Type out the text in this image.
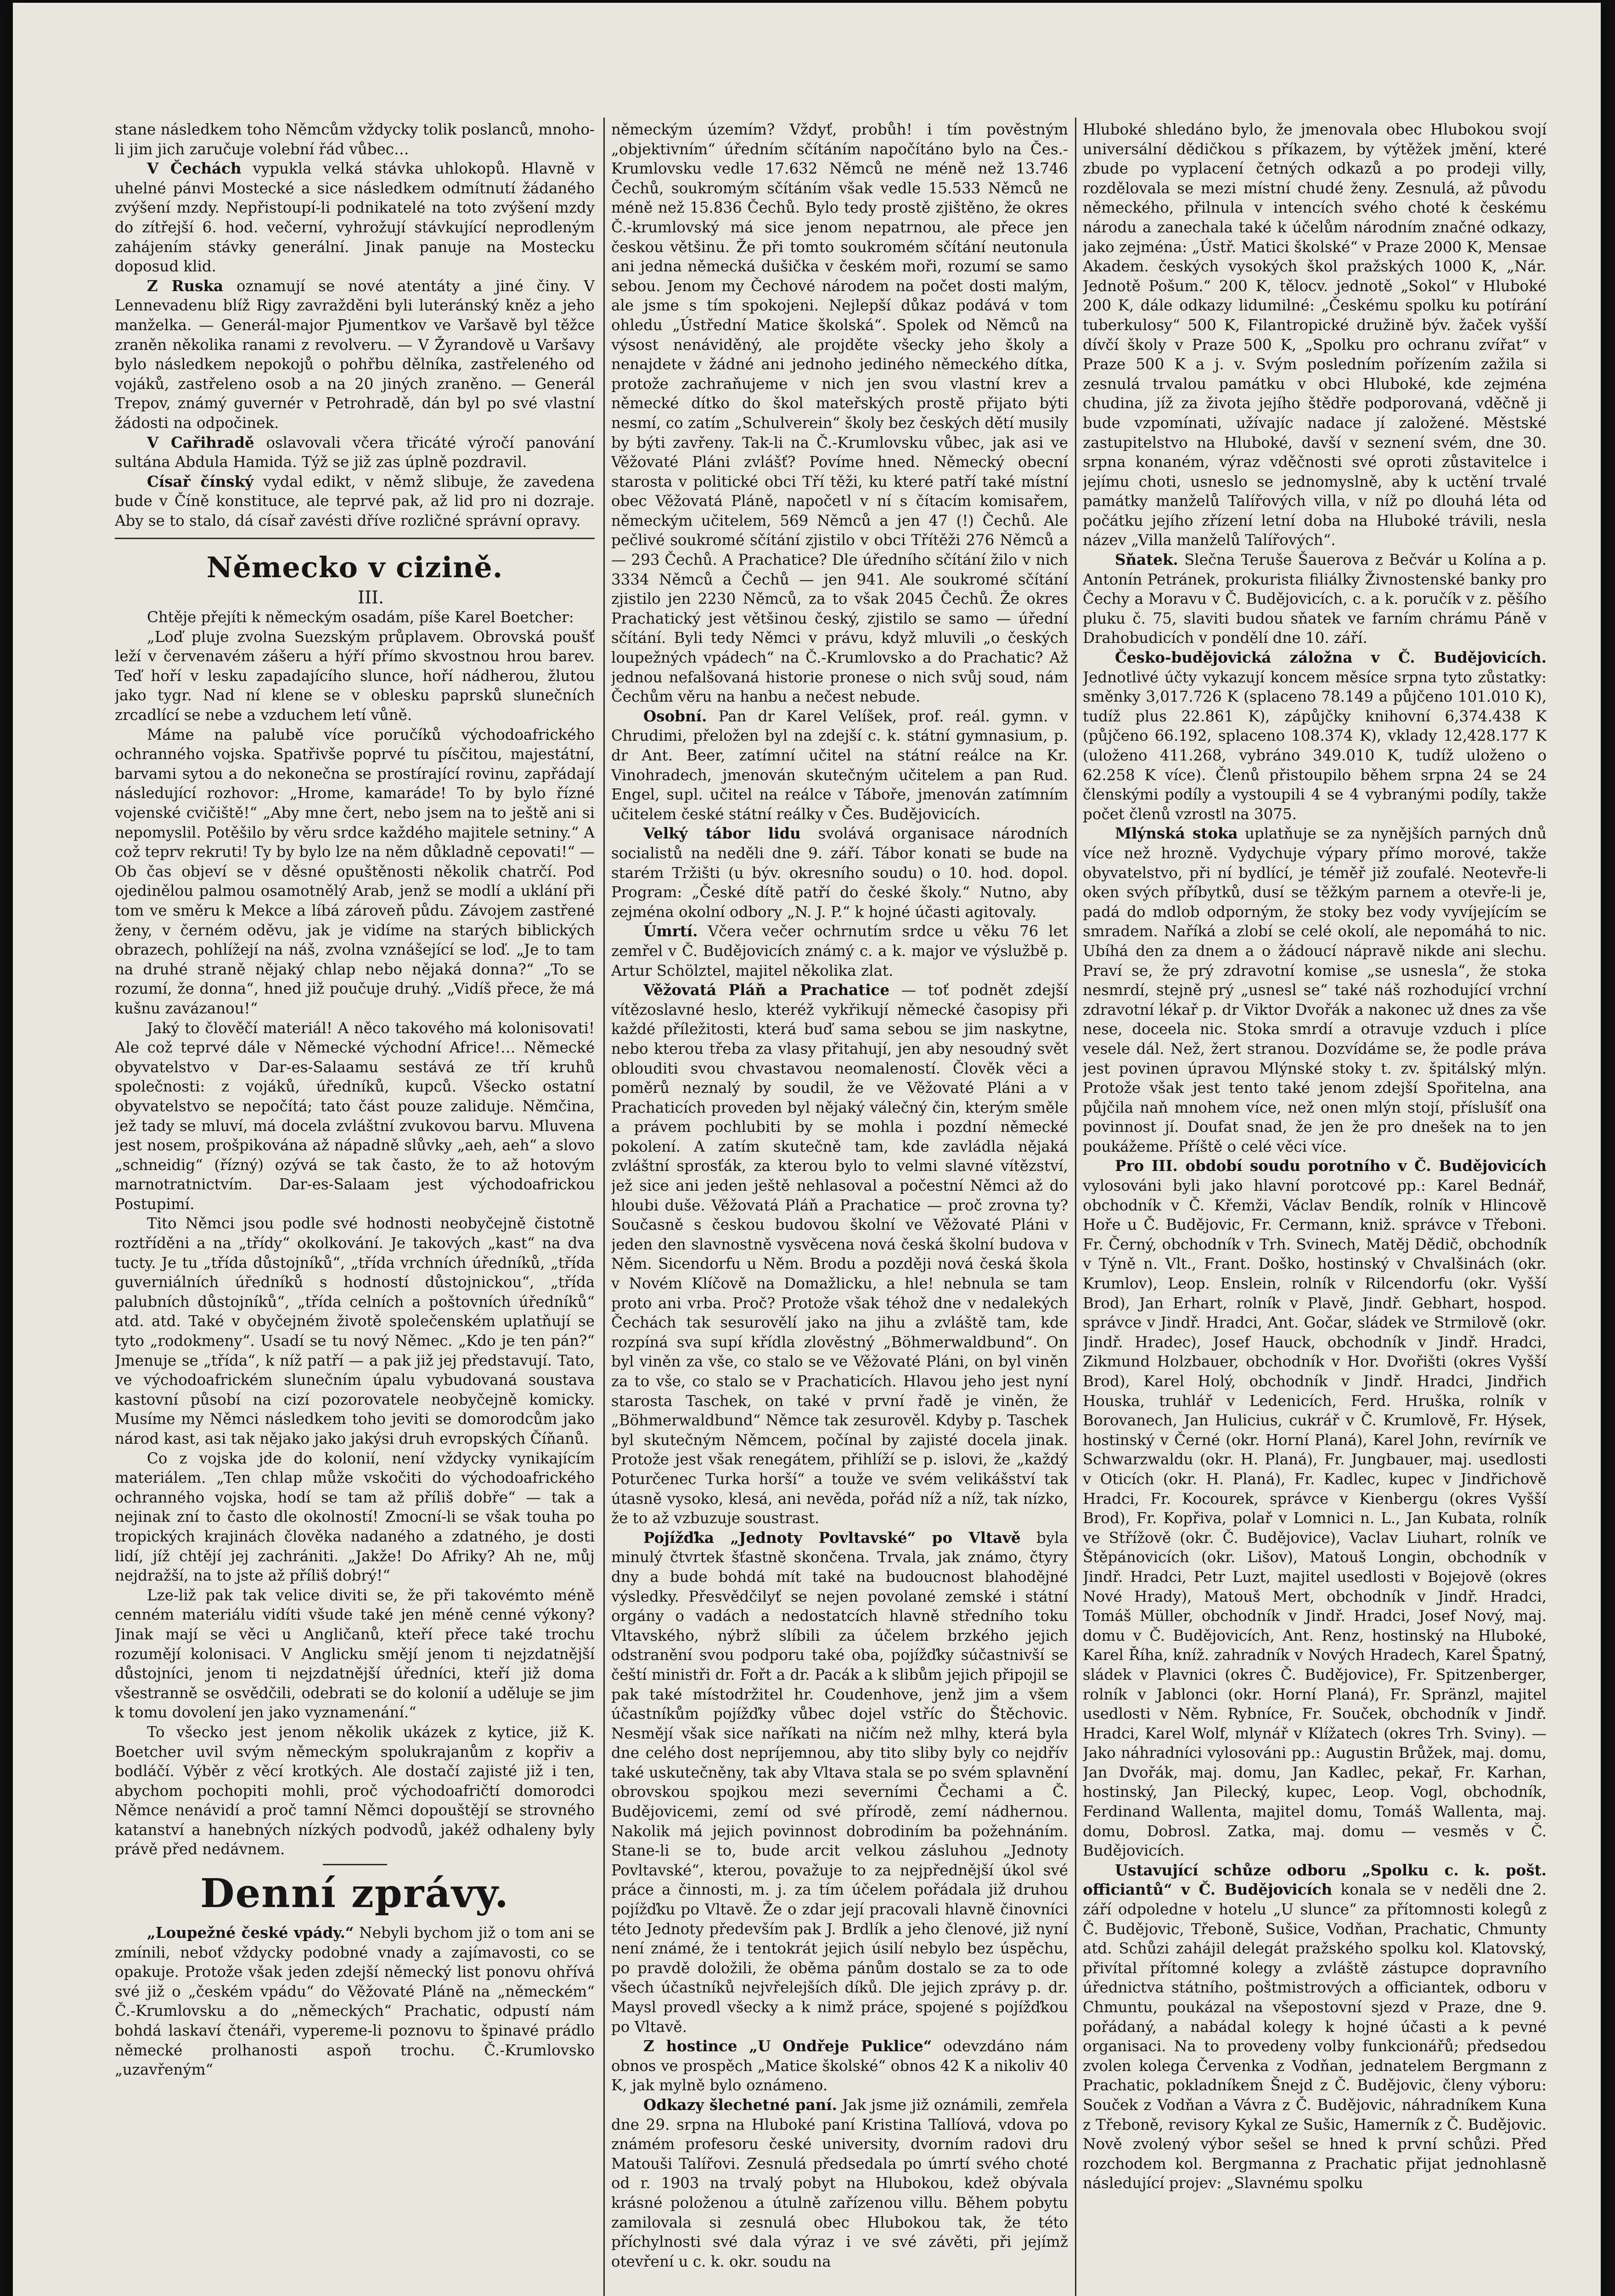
stane následkem toho Němcům vždycky tolik poslanců, mnoho-li jim jich zaručuje volební řád vůbec…

V Čechách vypukla velká stávka uhlokopů. Hlavně v uhelné pánvi Mostecké a sice následkem odmítnutí žádaného zvýšení mzdy. Nepřistoupí-li podnikatelé na toto zvýšení mzdy do zítřejší 6. hod. večerní, vyhrožují stávkující neprodleným zahájením stávky generální. Jinak panuje na Mostecku doposud klid.

Z Ruska oznamují se nové atentáty a jiné činy. V Lennevadenu blíž Rigy zavražděni byli luteránský kněz a jeho manželka. — Generál-major Pjumentkov ve Varšavě byl těžce zraněn několika ranami z revolveru. — V Žyrandově u Varšavy bylo následkem nepokojů o pohřbu dělníka, zastřeleného od vojáků, zastřeleno osob a na 20 jiných zraněno. — Generál Trepov, známý guvernér v Petrohradě, dán byl po své vlastní žádosti na odpočinek.

V Cařihradě oslavovali včera třicáté výročí panování sultána Abdula Hamida. Týž se již zas úplně pozdravil.

Císař čínský vydal edikt, v němž slibuje, že zavedena bude v Číně konstituce, ale teprvé pak, až lid pro ni dozraje. Aby se to stalo, dá císař zavésti dříve rozličné správní opravy.

Německo v cizině.

III.

Chtěje přejíti k německým osadám, píše Karel Boetcher:

„Loď pluje zvolna Suezským průplavem. Obrovská poušť leží v červenavém zášeru a hýří přímo skvostnou hrou barev. Teď hoří v lesku zapadajícího slunce, hoří nádherou, žlutou jako tygr. Nad ní klene se v oblesku paprsků slunečních zrcadlící se nebe a vzduchem letí vůně.

Máme na palubě více poručíků východoafrického ochranného vojska. Spatřivše poprvé tu písčitou, majestátní, barvami sytou a do nekonečna se prostírající rovinu, zapřádají následující rozhovor: „Hrome, kamaráde! To by bylo řízné vojenské cvičiště!“ „Aby mne čert, nebo jsem na to ještě ani si nepomyslil. Potěšilo by věru srdce každého majitele setniny.“ A což teprv rekruti! Ty by bylo lze na něm důkladně cepovati!“ — Ob čas objeví se v děsné opuštěnosti několik chatrčí. Pod ojedinělou palmou osamotnělý Arab, jenž se modlí a uklání při tom ve směru k Mekce a líbá zároveň půdu. Závojem zastřené ženy, v černém oděvu, jak je vidíme na starých biblických obrazech, pohlížejí na náš, zvolna vznášející se loď. „Je to tam na druhé straně nějaký chlap nebo nějaká donna?“ „To se rozumí, že donna“, hned již poučuje druhý. „Vidíš přece, že má kušnu zavázanou!“

Jaký to člověčí materiál! A něco takového má kolonisovati! Ale což teprvé dále v Německé východní Africe!… Německé obyvatelstvo v Dar-es-Salaamu sestává ze tří kruhů společnosti: z vojáků, úředníků, kupců. Všecko ostatní obyvatelstvo se nepočítá; tato část pouze zaliduje. Němčina, jež tady se mluví, má docela zvláštní zvukovou barvu. Mluvena jest nosem, prošpikována až nápadně slůvky „aeh, aeh“ a slovo „schneidig“ (řízný) ozývá se tak často, že to až hotovým marnotratnictvím. Dar-es-Salaam jest východoafrickou Postupimí.

Tito Němci jsou podle své hodnosti neobyčejně čistotně roztříděni a na „třídy“ okolkování. Je takových „kast“ na dva tucty. Je tu „třída důstojníků“, „třída vrchních úředníků, „třída guverniálních úředníků s hodností důstojnickou“, „třída palubních důstojníků“, „třída celních a poštovních úředníků“ atd. atd. Také v obyčejném životě společenském uplatňují se tyto „rodokmeny“. Usadí se tu nový Němec. „Kdo je ten pán?“ Jmenuje se „třída“, k níž patří — a pak již jej představují. Tato, ve východoafrickém slunečním úpalu vybudovaná soustava kastovní působí na cizí pozorovatele neobyčejně komicky. Musíme my Němci následkem toho jeviti se domorodcům jako národ kast, asi tak nějako jako jakýsi druh evropských Číňanů.

Co z vojska jde do kolonií, není vždycky vynikajícím materiálem. „Ten chlap může vskočiti do východoafrického ochranného vojska, hodí se tam až příliš dobře“ — tak a nejinak zní to často dle okolností! Zmocní-li se však touha po tropických krajinách člověka nadaného a zdatného, je dosti lidí, jíž chtějí jej zachrániti. „Jakže! Do Afriky? Ah ne, můj nejdražší, na to jste až příliš dobrý!“

Lze-liž pak tak velice diviti se, že při takovémto méně cenném materiálu vidíti všude také jen méně cenné výkony? Jinak mají se věci u Angličanů, kteří přece také trochu rozumějí kolonisaci. V Anglicku smějí jenom ti nejzdatnější důstojníci, jenom ti nejzdatnější úředníci, kteří již doma všestranně se osvědčili, odebrati se do kolonií a uděluje se jim k tomu dovolení jen jako vyznamenání.“

To všecko jest jenom několik ukázek z kytice, již K. Boetcher uvil svým německým spolukrajanům z kopřiv a bodláčí. Výběr z věcí krotkých. Ale dostačí zajisté již i ten, abychom pochopiti mohli, proč východoafričtí domorodci Němce nenávidí a proč tamní Němci dopouštějí se strovného katanství a hanebných nízkých podvodů, jakéž odhaleny byly právě před nedávnem.

Denní zprávy.

„Loupežné české vpády.“ Nebyli bychom již o tom ani se zmínili, neboť vždycky podobné vnady a zajímavosti, co se opakuje. Protože však jeden zdejší německý list ponovu ohřívá své již o „českém vpádu“ do Věžovaté Pláně na „německém“ Č.-Krumlovsku a do „německých“ Prachatic, odpustí nám bohdá laskaví čtenáři, vypereme-li poznovu to špinavé prádlo německé prolhanosti aspoň trochu. Č.-Krumlovsko „uzavřeným“

německým územím? Vždyť, probůh! i tím pověstným „objektivním“ úředním sčítáním napočítáno bylo na Čes.-Krumlovsku vedle 17.632 Němců ne méně než 13.746 Čechů, soukromým sčítáním však vedle 15.533 Němců ne méně než 15.836 Čechů. Bylo tedy prostě zjištěno, že okres Č.-krumlovský má sice jenom nepatrnou, ale přece jen českou většinu. Že při tomto soukromém sčítání neutonula ani jedna německá dušička v českém moři, rozumí se samo sebou. Jenom my Čechové národem na počet dosti malým, ale jsme s tím spokojeni. Nejlepší důkaz podává v tom ohledu „Ústřední Matice školská“. Spolek od Němců na výsost nenáviděný, ale projděte všecky jeho školy a nenajdete v žádné ani jednoho jediného německého dítka, protože zachraňujeme v nich jen svou vlastní krev a německé dítko do škol mateřských prostě přijato býti nesmí, co zatím „Schulverein“ školy bez českých dětí musily by býti zavřeny. Tak-li na Č.-Krumlovsku vůbec, jak asi ve Věžovaté Pláni zvlášť? Povíme hned. Německý obecní starosta v politické obci Tří těži, ku které patří také místní obec Věžovatá Pláně, napočetl v ní s čítacím komisařem, německým učitelem, 569 Němců a jen 47 (!) Čechů. Ale pečlivé soukromé sčítání zjistilo v obci Třítěži 276 Němců a — 293 Čechů. A Prachatice? Dle úředního sčítání žilo v nich 3334 Němců a Čechů — jen 941. Ale soukromé sčítání zjistilo jen 2230 Němců, za to však 2045 Čechů. Že okres Prachatický jest většinou český, zjistilo se samo — úřední sčítání. Byli tedy Němci v právu, když mluvili „o českých loupežných vpádech“ na Č.-Krumlovsko a do Prachatic? Až jednou nefalšovaná historie pronese o nich svůj soud, nám Čechům věru na hanbu a nečest nebude.

Osobní. Pan dr Karel Velíšek, prof. reál. gymn. v Chrudimi, přeložen byl na zdejší c. k. státní gymnasium, p. dr Ant. Beer, zatímní učitel na státní reálce na Kr. Vinohradech, jmenován skutečným učitelem a pan Rud. Engel, supl. učitel na reálce v Táboře, jmenován zatímním učitelem české státní reálky v Čes. Budějovicích.

Velký tábor lidu svolává organisace národních socialistů na neděli dne 9. září. Tábor konati se bude na starém Tržišti (u býv. okresního soudu) o 10. hod. dopol. Program: „České dítě patří do české školy.“ Nutno, aby zejména okolní odbory „N. J. P.“ k hojné účasti agitovaly.

Úmrtí. Včera večer ochrnutím srdce u věku 76 let zemřel v Č. Budějovicích známý c. a k. major ve výslužbě p. Artur Schölztel, majitel několika zlat.

Věžovatá Pláň a Prachatice — toť podnět zdejší vítězoslavné heslo, kteréž vykřikují německé časopisy při každé příležitosti, která buď sama sebou se jim naskytne, nebo kterou třeba za vlasy přitahují, jen aby nesoudný svět oblouditi svou chvastavou neomaleností. Člověk věci a poměrů neznalý by soudil, že ve Věžovaté Pláni a v Prachaticích proveden byl nějaký válečný čin, kterým směle a právem pochlubiti by se mohla i pozdní německé pokolení. A zatím skutečně tam, kde zavládla nějaká zvláštní sprosťák, za kterou bylo to velmi slavné vítězství, jež sice ani jeden ještě nehlasoval a počestní Němci až do hloubi duše. Věžovatá Pláň a Prachatice — proč zrovna ty? Současně s českou budovou školní ve Věžovaté Pláni v jeden den slavnostně vysvěcena nová česká školní budova v Něm. Sicendorfu u Něm. Brodu a později nová česká škola v Novém Klíčově na Domažlicku, a hle! nebnula se tam proto ani vrba. Proč? Protože však téhož dne v nedalekých Čechách tak sesurovělí jako na jihu a zvláště tam, kde rozpíná sva supí křídla zlověstný „Böhmerwaldbund“. On byl viněn za vše, co stalo se ve Věžovaté Pláni, on byl viněn za to vše, co stalo se v Prachaticích. Hlavou jeho jest nyní starosta Taschek, on také v první řadě je viněn, že „Böhmerwaldbund“ Němce tak zesurověl. Kdyby p. Taschek byl skutečným Němcem, počínal by zajisté docela jinak. Protože jest však renegátem, přihlíží se p. islovi, že „každý Poturčenec Turka horší“ a touže ve svém velikášství tak útasně vysoko, klesá, ani nevěda, pořád níž a níž, tak nízko, že to až vzbuzuje soustrast.

Pojížďka „Jednoty Povltavské“ po Vltavě byla minulý čtvrtek šťastně skončena. Trvala, jak známo, čtyry dny a bude bohdá mít také na budoucnost blahodějné výsledky. Přesvědčilyť se nejen povolané zemské i státní orgány o vadách a nedostatcích hlavně středního toku Vltavského, nýbrž slíbili za účelem brzkého jejich odstranění svou podporu také oba, pojížďky súčastnivší se čeští ministři dr. Fořt a dr. Pacák a k slibům jejich připojil se pak také místodržitel hr. Coudenhove, jenž jim a všem účastníkům pojížďky vůbec dojel vstříc do Štěchovic. Nesmějí však sice naříkati na ničím než mlhy, která byla dne celého dost nepríjemnou, aby tito sliby byly co nejdřív také uskutečněny, tak aby Vltava stala se po svém splavnění obrovskou spojkou mezi severními Čechami a Č. Budějovicemi, zemí od své přírodě, zemí nádhernou. Nakolik má jejich povinnost dobrodiním ba požehnáním. Stane-li se to, bude arcit velkou zásluhou „Jednoty Povltavské“, kterou, považuje to za nejpřednější úkol své práce a činnosti, m. j. za tím účelem pořádala již druhou pojížďku po Vltavě. Že o zdar její pracovali hlavně činovníci této Jednoty především pak J. Brdlík a jeho členové, již nyní není známé, že i tentokrát jejich úsilí nebylo bez úspěchu, po pravdě doložili, že oběma pánům dostalo se za to ode všech účastníků nejvřelejších díků. Dle jejich zprávy p. dr. Maysl provedl všecky a k nimž práce, spojené s pojížďkou po Vltavě.

Z hostince „U Ondřeje Puklice“ odevzdáno nám obnos ve prospěch „Matice školské“ obnos 42 K a nikoliv 40 K, jak mylně bylo oznámeno.

Odkazy šlechetné paní. Jak jsme již oznámili, zemřela dne 29. srpna na Hluboké paní Kristina Tallíová, vdova po známém profesoru české university, dvorním radovi dru Matouši Talířovi. Zesnulá předsedala po úmrtí svého choté od r. 1903 na trvalý pobyt na Hlubokou, kdež obývala krásné položenou a útulně zařízenou villu. Během pobytu zamilovala si zesnulá obec Hlubokou tak, že této příchylnosti své dala výraz i ve své závěti, při jejímž otevření u c. k. okr. soudu na

Hluboké shledáno bylo, že jmenovala obec Hlubokou svojí universální dědičkou s příkazem, by výtěžek jmění, které zbude po vyplacení četných odkazů a po prodeji villy, rozdělovala se mezi místní chudé ženy. Zesnulá, až původu německého, přilnula v intencích svého choté k českému národu a zanechala také k účelům národním značné odkazy, jako zejména: „Ústř. Matici školské“ v Praze 2000 K, Mensae Akadem. českých vysokých škol pražských 1000 K, „Nár. Jednotě Pošum.“ 200 K, tělocv. jednotě „Sokol“ v Hluboké 200 K, dále odkazy lidumilné: „Českému spolku ku potírání tuberkulosy“ 500 K, Filantropické družině býv. žaček vyšší dívčí školy v Praze 500 K, „Spolku pro ochranu zvířat“ v Praze 500 K a j. v. Svým posledním pořízením zažila si zesnulá trvalou památku v obci Hluboké, kde zejména chudina, jíž za života jejího štědře podporovaná, vděčně ji bude vzpomínati, užívajíc nadace jí založené. Městské zastupitelstvo na Hluboké, davší v seznení svém, dne 30. srpna konaném, výraz vděčnosti své oproti zůstavitelce i jejímu choti, usneslo se jednomyslně, aby k uctění trvalé památky manželů Talířových villa, v níž po dlouhá léta od počátku jejího zřízení letní doba na Hluboké trávili, nesla název „Villa manželů Talířových“.

Sňatek. Slečna Teruše Šauerova z Bečvár u Kolína a p. Antonín Petránek, prokurista filiálky Živnostenské banky pro Čechy a Moravu v Č. Budějovicích, c. a k. poručík v z. pěšího pluku č. 75, slaviti budou sňatek ve farním chrámu Páně v Drahobudicích v pondělí dne 10. září.

Česko-budějovická záložna v Č. Budějovicích. Jednotlivé účty vykazují koncem měsíce srpna tyto zůstatky: směnky 3,017.726 K (splaceno 78.149 a půjčeno 101.010 K), tudíž plus 22.861 K), zápůjčky knihovní 6,374.438 K (půjčeno 66.192, splaceno 108.374 K), vklady 12,428.177 K (uloženo 411.268, vybráno 349.010 K, tudíž uloženo o 62.258 K více). Členů přistoupilo během srpna 24 se 24 členskými podíly a vystoupili 4 se 4 vybranými podíly, takže počet členů vzrostl na 3075.

Mlýnská stoka uplatňuje se za nynějších parných dnů více než hrozně. Vydychuje výpary přímo morové, takže obyvatelstvo, při ní bydlící, je téměř již zoufalé. Neotevře-li oken svých příbytků, dusí se těžkým parnem a otevře-li je, padá do mdlob odporným, že stoky bez vody vyvíjejícím se smradem. Naříká a zlobí se celé okolí, ale nepomáhá to nic. Ubíhá den za dnem a o žádoucí nápravě nikde ani slechu. Praví se, že prý zdravotní komise „se usnesla“, že stoka nesmrdí, stejně prý „usnesl se“ také náš rozhodující vrchní zdravotní lékař p. dr Viktor Dvořák a nakonec už dnes za vše nese, doceela nic. Stoka smrdí a otravuje vzduch i plíce vesele dál. Než, žert stranou. Dozvídáme se, že podle práva jest povinen úpravou Mlýnské stoky t. zv. špitálský mlýn. Protože však jest tento také jenom zdejší Spořitelna, ana půjčila naň mnohem více, než onen mlýn stojí, příslušíť ona povinnost jí. Doufat snad, že jen že pro dnešek na to jen poukážeme. Příště o celé věci více.

Pro III. období soudu porotního v Č. Budějovicích vylosováni byli jako hlavní porotcové pp.: Karel Bednář, obchodník v Č. Křemži, Václav Bendík, rolník v Hlincově Hoře u Č. Budějovic, Fr. Cermann, kniž. správce v Třeboni. Fr. Černý, obchodník v Trh. Svinech, Matěj Dědič, obchodník v Týně n. Vlt., Frant. Doško, hostinský v Chvalšinách (okr. Krumlov), Leop. Enslein, rolník v Rilcendorfu (okr. Vyšší Brod), Jan Erhart, rolník v Plavě, Jindř. Gebhart, hospod. správce v Jindř. Hradci, Ant. Gočar, sládek ve Strmilově (okr. Jindř. Hradec), Josef Hauck, obchodník v Jindř. Hradci, Zikmund Holzbauer, obchodník v Hor. Dvořišti (okres Vyšší Brod), Karel Holý, obchodník v Jindř. Hradci, Jindřich Houska, truhlář v Ledenicích, Ferd. Hruška, rolník v Borovanech, Jan Hulicius, cukrář v Č. Krumlově, Fr. Hýsek, hostinský v Černé (okr. Horní Planá), Karel John, revírník ve Schwarzwaldu (okr. H. Planá), Fr. Jungbauer, maj. usedlosti v Oticích (okr. H. Planá), Fr. Kadlec, kupec v Jindřichově Hradci, Fr. Kocourek, správce v Kienbergu (okres Vyšší Brod), Fr. Kopřiva, polař v Lomnici n. L., Jan Kubata, rolník ve Střížově (okr. Č. Budějovice), Vaclav Liuhart, rolník ve Štěpánovicích (okr. Lišov), Matouš Longin, obchodník v Jindř. Hradci, Petr Luzt, majitel usedlosti v Bojejově (okres Nové Hrady), Matouš Mert, obchodník v Jindř. Hradci, Tomáš Müller, obchodník v Jindř. Hradci, Josef Nový, maj. domu v Č. Budějovicích, Ant. Renz, hostinský na Hluboké, Karel Říha, kníž. zahradník v Nových Hradech, Karel Špatný, sládek v Plavnici (okres Č. Budějovice), Fr. Spitzenberger, rolník v Jablonci (okr. Horní Planá), Fr. Spränzl, majitel usedlosti v Něm. Rybníce, Fr. Souček, obchodník v Jindř. Hradci, Karel Wolf, mlynář v Klížatech (okres Trh. Sviny). — Jako náhradníci vylosováni pp.: Augustin Brůžek, maj. domu, Jan Dvořák, maj. domu, Jan Kadlec, pekař, Fr. Karhan, hostinský, Jan Pilecký, kupec, Leop. Vogl, obchodník, Ferdinand Wallenta, majitel domu, Tomáš Wallenta, maj. domu, Dobrosl. Zatka, maj. domu — vesměs v Č. Budějovicích.

Ustavující schůze odboru „Spolku c. k. pošt. officiantů“ v Č. Budějovicích konala se v neděli dne 2. září odpoledne v hotelu „U slunce“ za přítomnosti kolegů z Č. Budějovic, Třeboně, Sušice, Vodňan, Prachatic, Chmunty atd. Schůzi zahájil delegát pražského spolku kol. Klatovský, přivítal přítomné kolegy a zvláště zástupce dopravního úřednictva státního, poštmistrových a officiantek, odboru v Chmuntu, poukázal na všepostovní sjezd v Praze, dne 9. pořádaný, a nabádal kolegy k hojné účasti a k pevné organisaci. Na to provedeny volby funkcionářů; předsedou zvolen kolega Červenka z Vodňan, jednatelem Bergmann z Prachatic, pokladníkem Šnejd z Č. Budějovic, členy výboru: Souček z Vodňan a Vávra z Č. Budějovic, náhradníkem Kuna z Třeboně, revisory Kykal ze Sušic, Hamerník z Č. Budějovic. Nově zvolený výbor sešel se hned k první schůzi. Před rozchodem kol. Bergmanna z Prachatic přijat jednohlasně následující projev: „Slavnému spolku
